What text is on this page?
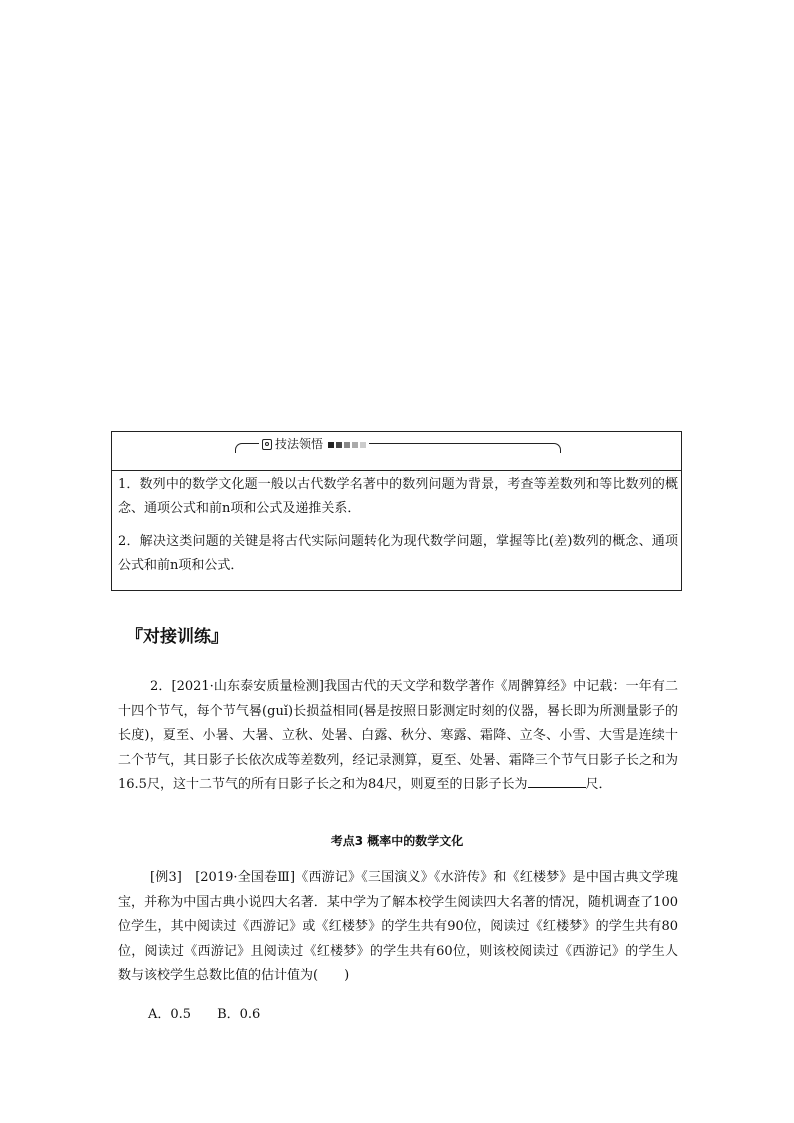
技法领悟

1．数列中的数学文化题一般以古代数学名著中的数列问题为背景，考查等差数列和等比数列的概念、通项公式和前n项和公式及递推关系．

2．解决这类问题的关键是将古代实际问题转化为现代数学问题，掌握等比(差)数列的概念、通项公式和前n项和公式．

『对接训练』

2．[2021·山东泰安质量检测]我国古代的天文学和数学著作《周髀算经》中记载：一年有二十四个节气，每个节气晷(guǐ)长损益相同(晷是按照日影测定时刻的仪器，晷长即为所测量影子的长度)，夏至、小暑、大暑、立秋、处暑、白露、秋分、寒露、霜降、立冬、小雪、大雪是连续十二个节气，其日影子长依次成等差数列，经记录测算，夏至、处暑、霜降三个节气日影子长之和为16.5尺，这十二节气的所有日影子长之和为84尺，则夏至的日影子长为	尺．

考点3 概率中的数学文化

[例3]　[2019·全国卷Ⅲ]《西游记》《三国演义》《水浒传》和《红楼梦》是中国古典文学瑰宝，并称为中国古典小说四大名著．某中学为了解本校学生阅读四大名著的情况，随机调查了100位学生，其中阅读过《西游记》或《红楼梦》的学生共有90位，阅读过《红楼梦》的学生共有80位，阅读过《西游记》且阅读过《红楼梦》的学生共有60位，则该校阅读过《西游记》的学生人数与该校学生总数比值的估计值为(　　)

A．0.5 B．0.6
